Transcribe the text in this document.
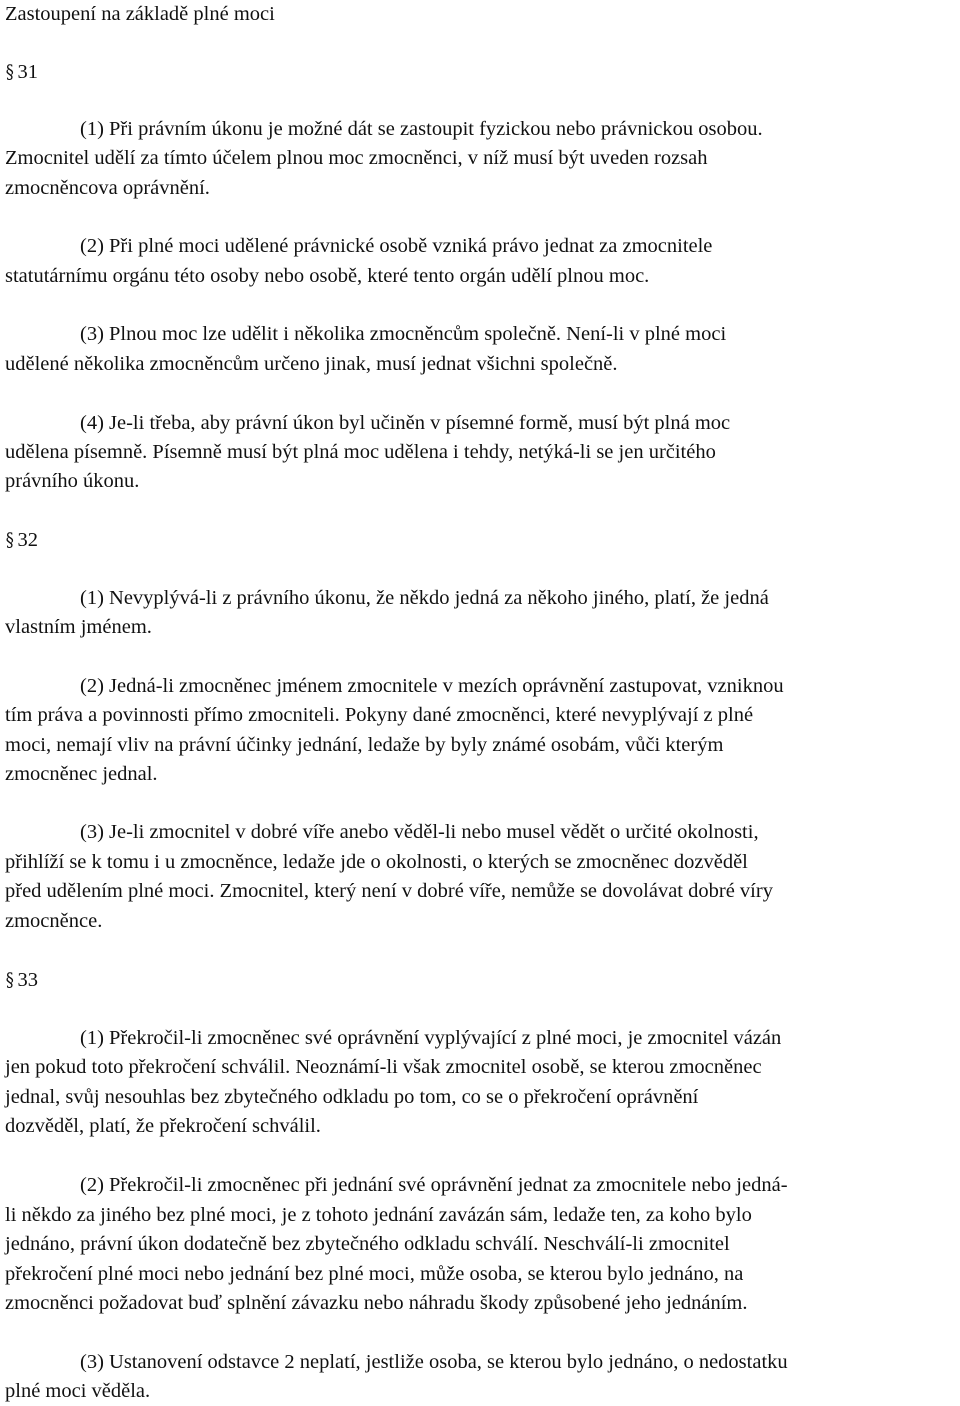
Zastoupení na základě plné moci
§ 31
(1) Při právním úkonu je možné dát se zastoupit fyzickou nebo právnickou osobou.
Zmocnitel udělí za tímto účelem plnou moc zmocněnci, v níž musí být uveden rozsah
zmocněncova oprávnění.
(2) Při plné moci udělené právnické osobě vzniká právo jednat za zmocnitele
statutárnímu orgánu této osoby nebo osobě, které tento orgán udělí plnou moc.
(3) Plnou moc lze udělit i několika zmocněncům společně. Není-li v plné moci
udělené několika zmocněncům určeno jinak, musí jednat všichni společně.
(4) Je-li třeba, aby právní úkon byl učiněn v písemné formě, musí být plná moc
udělena písemně. Písemně musí být plná moc udělena i tehdy, netýká-li se jen určitého
právního úkonu.
§ 32
(1) Nevyplývá-li z právního úkonu, že někdo jedná za někoho jiného, platí, že jedná
vlastním jménem.
(2) Jedná-li zmocněnec jménem zmocnitele v mezích oprávnění zastupovat, vzniknou
tím práva a povinnosti přímo zmocniteli. Pokyny dané zmocněnci, které nevyplývají z plné
moci, nemají vliv na právní účinky jednání, ledaže by byly známé osobám, vůči kterým
zmocněnec jednal.
(3) Je-li zmocnitel v dobré víře anebo věděl-li nebo musel vědět o určité okolnosti,
přihlíží se k tomu i u zmocněnce, ledaže jde o okolnosti, o kterých se zmocněnec dozvěděl
před udělením plné moci. Zmocnitel, který není v dobré víře, nemůže se dovolávat dobré víry
zmocněnce.
§ 33
(1) Překročil-li zmocněnec své oprávnění vyplývající z plné moci, je zmocnitel vázán
jen pokud toto překročení schválil. Neoznámí-li však zmocnitel osobě, se kterou zmocněnec
jednal, svůj nesouhlas bez zbytečného odkladu po tom, co se o překročení oprávnění
dozvěděl, platí, že překročení schválil.
(2) Překročil-li zmocněnec při jednání své oprávnění jednat za zmocnitele nebo jedná-
li někdo za jiného bez plné moci, je z tohoto jednání zavázán sám, ledaže ten, za koho bylo
jednáno, právní úkon dodatečně bez zbytečného odkladu schválí. Neschválí-li zmocnitel
překročení plné moci nebo jednání bez plné moci, může osoba, se kterou bylo jednáno, na
zmocněnci požadovat buď splnění závazku nebo náhradu škody způsobené jeho jednáním.
(3) Ustanovení odstavce 2 neplatí, jestliže osoba, se kterou bylo jednáno, o nedostatku
plné moci věděla.
